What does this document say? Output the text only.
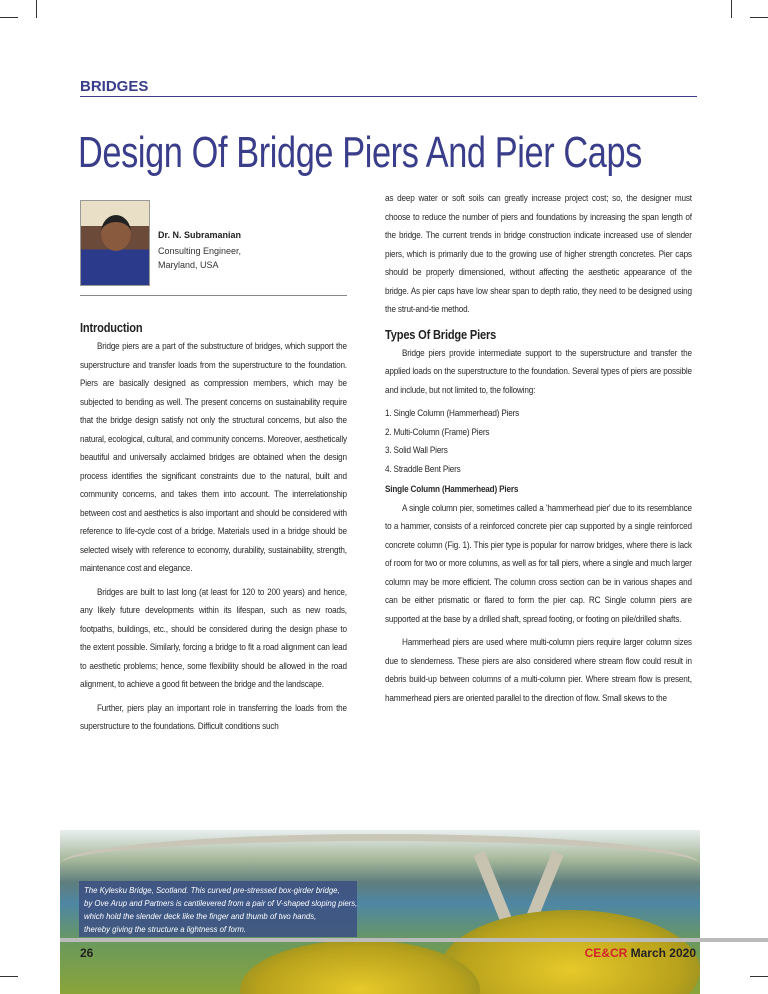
BRIDGES
Design Of Bridge Piers And Pier Caps
Dr. N. Subramanian
Consulting Engineer,
Maryland, USA
Introduction

Bridge piers are a part of the substructure of bridges, which support the superstructure and transfer loads from the superstructure to the foundation. Piers are basically designed as compression members, which may be subjected to bending as well. The present concerns on sustainability require that the bridge design satisfy not only the structural concerns, but also the natural, ecological, cultural, and community concerns. Moreover, aesthetically beautiful and universally acclaimed bridges are obtained when the design process identifies the significant constraints due to the natural, built and community concerns, and takes them into account. The interrelationship between cost and aesthetics is also important and should be considered with reference to life-cycle cost of a bridge. Materials used in a bridge should be selected wisely with reference to economy, durability, sustainability, strength, maintenance cost and elegance.

Bridges are built to last long (at least for 120 to 200 years) and hence, any likely future developments within its lifespan, such as new roads, footpaths, buildings, etc., should be considered during the design phase to the extent possible. Similarly, forcing a bridge to fit a road alignment can lead to aesthetic problems; hence, some flexibility should be allowed in the road alignment, to achieve a good fit between the bridge and the landscape.

Further, piers play an important role in transferring the loads from the superstructure to the foundations. Difficult conditions such

as deep water or soft soils can greatly increase project cost; so, the designer must choose to reduce the number of piers and foundations by increasing the span length of the bridge. The current trends in bridge construction indicate increased use of slender piers, which is primarily due to the growing use of higher strength concretes. Pier caps should be properly dimensioned, without affecting the aesthetic appearance of the bridge. As pier caps have low shear span to depth ratio, they need to be designed using the strut-and-tie method.

Types Of Bridge Piers

Bridge piers provide intermediate support to the superstructure and transfer the applied loads on the superstructure to the foundation. Several types of piers are possible and include, but not limited to, the following:

1. Single Column (Hammerhead) Piers
2. Multi-Column (Frame) Piers
3. Solid Wall Piers
4. Straddle Bent Piers
Single Column (Hammerhead) Piers

A single column pier, sometimes called a 'hammerhead pier' due to its resemblance to a hammer, consists of a reinforced concrete pier cap supported by a single reinforced concrete column (Fig. 1). This pier type is popular for narrow bridges, where there is lack of room for two or more columns, as well as for tall piers, where a single and much larger column may be more efficient. The column cross section can be in various shapes and can be either prismatic or flared to form the pier cap. RC Single column piers are supported at the base by a drilled shaft, spread footing, or footing on pile/drilled shafts.

Hammerhead piers are used where multi-column piers require larger column sizes due to slenderness. These piers are also considered where stream flow could result in debris build-up between columns of a multi-column pier. Where stream flow is present, hammerhead piers are oriented parallel to the direction of flow. Small skews to the

The Kylesku Bridge, Scotland. This curved pre-stressed box-girder bridge,
by Ove Arup and Partners is cantilevered from a pair of V-shaped sloping piers,
which hold the slender deck like the finger and thumb of two hands,
thereby giving the structure a lightness of form.
26	CE&CR March 2020
